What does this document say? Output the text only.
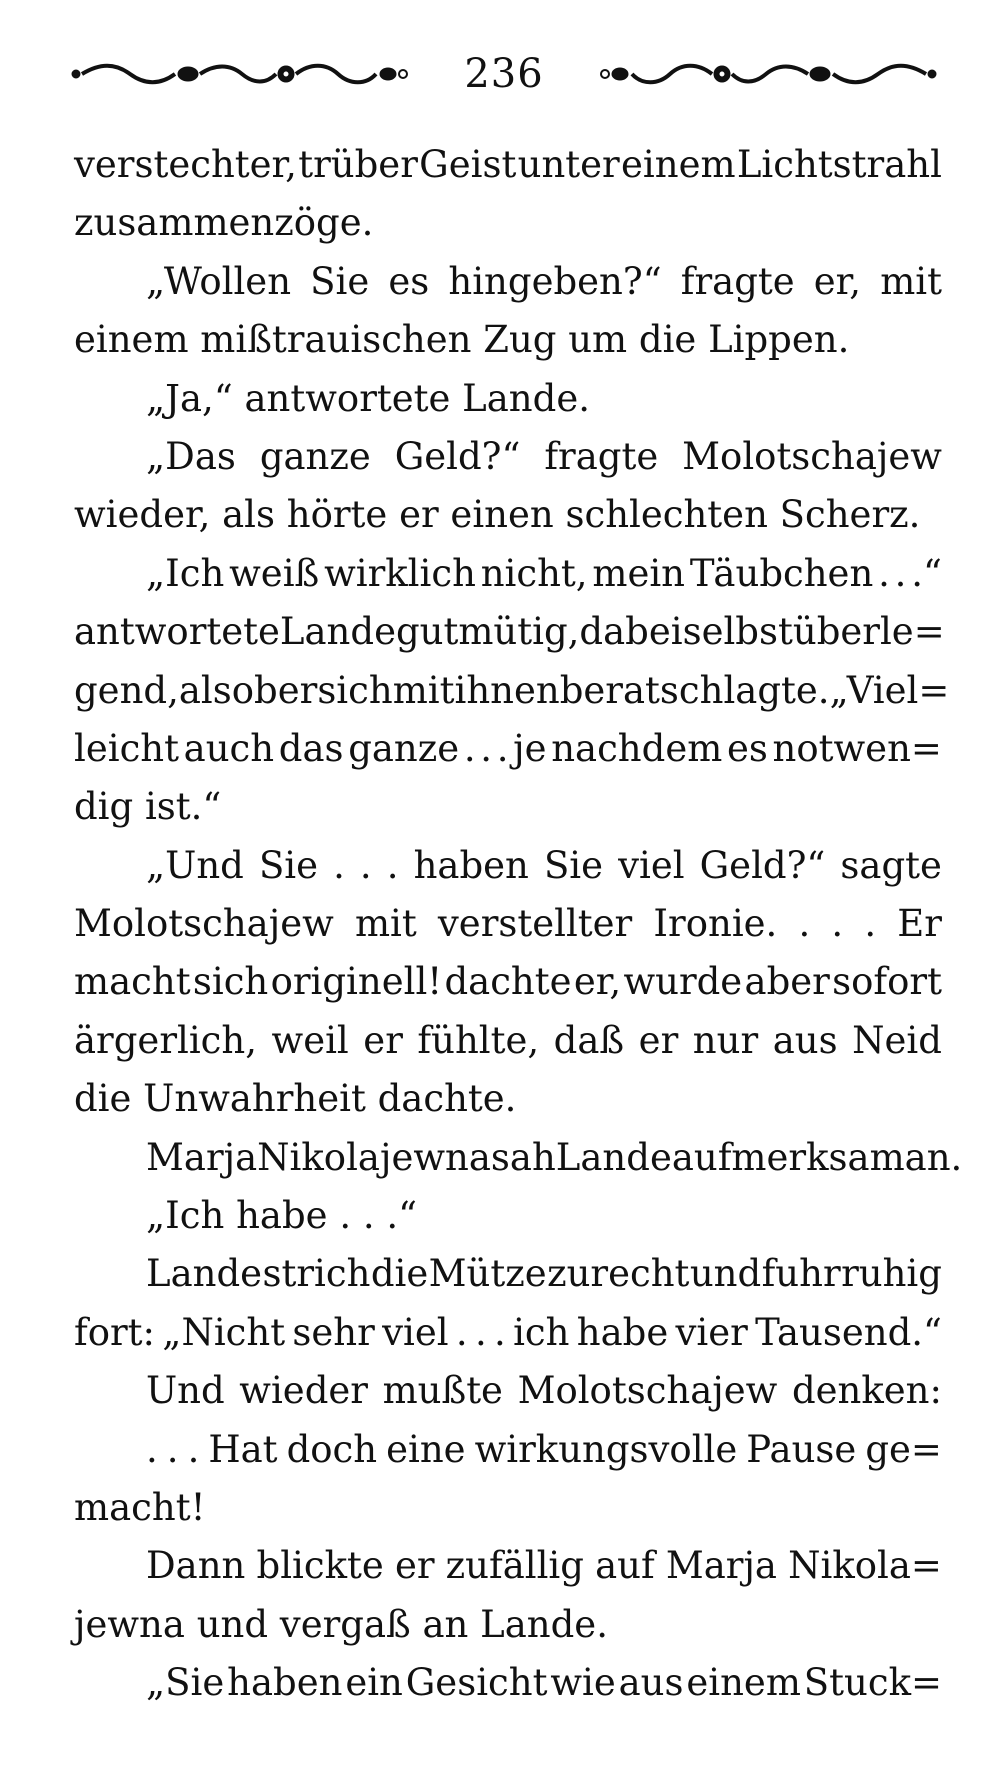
236
verstechter, trüber Geist unter einem Lichtstrahl
zusammenzöge.
„Wollen Sie es hingeben?“ fragte er, mit
einem mißtrauischen Zug um die Lippen.
„Ja,“ antwortete Lande.
„Das ganze Geld?“ fragte Molotschajew
wieder, als hörte er einen schlechten Scherz.
„Ich weiß wirklich nicht, mein Täubchen . . .“
antwortete Lande gutmütig, dabei selbst überle=
gend, als ob er sich mit ihnen beratschlagte. „Viel=
leicht auch das ganze . . . je nachdem es notwen=
dig ist.“
„Und Sie . . . haben Sie viel Geld?“ sagte
Molotschajew mit verstellter Ironie. . . . Er
macht sich originell! dachte er, wurde aber sofort
ärgerlich, weil er fühlte, daß er nur aus Neid
die Unwahrheit dachte.
Marja Nikolajewna sah Lande aufmerksam an.
„Ich habe . . .“
Lande strich die Mütze zurecht und fuhr ruhig
fort: „Nicht sehr viel . . . ich habe vier Tausend.“
Und wieder mußte Molotschajew denken:
. . . Hat doch eine wirkungsvolle Pause ge=
macht!
Dann blickte er zufällig auf Marja Nikola=
jewna und vergaß an Lande.
„Sie haben ein Gesicht wie aus einem Stuck=
